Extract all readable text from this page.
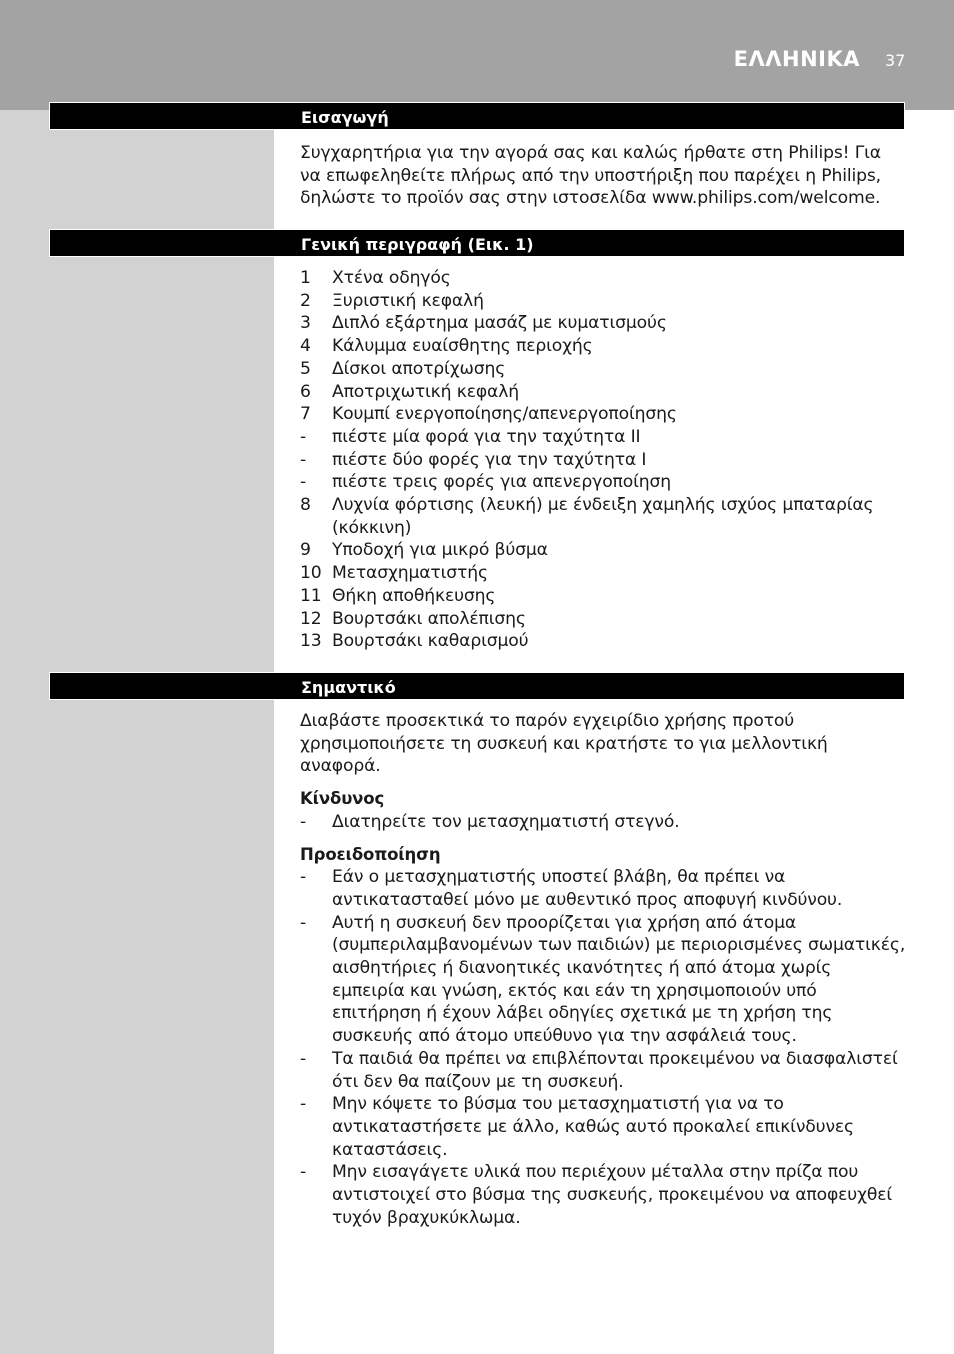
ΕΛΛΗΝΙΚΑ 37
Εισαγωγή

Συγχαρητήρια για την αγορά σας και καλώς ήρθατε στη Philips! Για να επωφεληθείτε πλήρως από την υποστήριξη που παρέχει η Philips, δηλώστε το προϊόν σας στην ιστοσελίδα www.philips.com/welcome.

Γενική περιγραφή (Εικ. 1)
1	Χτένα οδηγός
2	Ξυριστική κεφαλή
3	Διπλό εξάρτημα μασάζ με κυματισμούς
4	Κάλυμμα ευαίσθητης περιοχής
5	Δίσκοι αποτρίχωσης
6	Αποτριχωτική κεφαλή
7	Κουμπί ενεργοποίησης/απενεργοποίησης
-	πιέστε μία φορά για την ταχύτητα II
-	πιέστε δύο φορές για την ταχύτητα I
-	πιέστε τρεις φορές για απενεργοποίηση
8	Λυχνία φόρτισης (λευκή) με ένδειξη χαμηλής ισχύος μπαταρίας (κόκκινη)
9	Υποδοχή για μικρό βύσμα
10 Μετασχηματιστής
11 Θήκη αποθήκευσης
12 Βουρτσάκι απολέπισης
13 Βουρτσάκι καθαρισμού
Σημαντικό

Διαβάστε προσεκτικά το παρόν εγχειρίδιο χρήσης προτού χρησιμοποιήσετε τη συσκευή και κρατήστε το για μελλοντική αναφορά.

Κίνδυνος

-	Διατηρείτε τον μετασχηματιστή στεγνό.

Προειδοποίηση

-	Εάν ο μετασχηματιστής υποστεί βλάβη, θα πρέπει να αντικατασταθεί μόνο με αυθεντικό προς αποφυγή κινδύνου.
-	Αυτή η συσκευή δεν προορίζεται για χρήση από άτομα (συμπεριλαμβανομένων των παιδιών) με περιορισμένες σωματικές, αισθητήριες ή διανοητικές ικανότητες ή από άτομα χωρίς εμπειρία και γνώση, εκτός και εάν τη χρησιμοποιούν υπό επιτήρηση ή έχουν λάβει οδηγίες σχετικά με τη χρήση της συσκευής από άτομο υπεύθυνο για την ασφάλειά τους.
-	Τα παιδιά θα πρέπει να επιβλέπονται προκειμένου να διασφαλιστεί ότι δεν θα παίζουν με τη συσκευή.
-	Μην κόψετε το βύσμα του μετασχηματιστή για να το αντικαταστήσετε με άλλο, καθώς αυτό προκαλεί επικίνδυνες καταστάσεις.
-	Μην εισαγάγετε υλικά που περιέχουν μέταλλα στην πρίζα που αντιστοιχεί στο βύσμα της συσκευής, προκειμένου να αποφευχθεί τυχόν βραχυκύκλωμα.
